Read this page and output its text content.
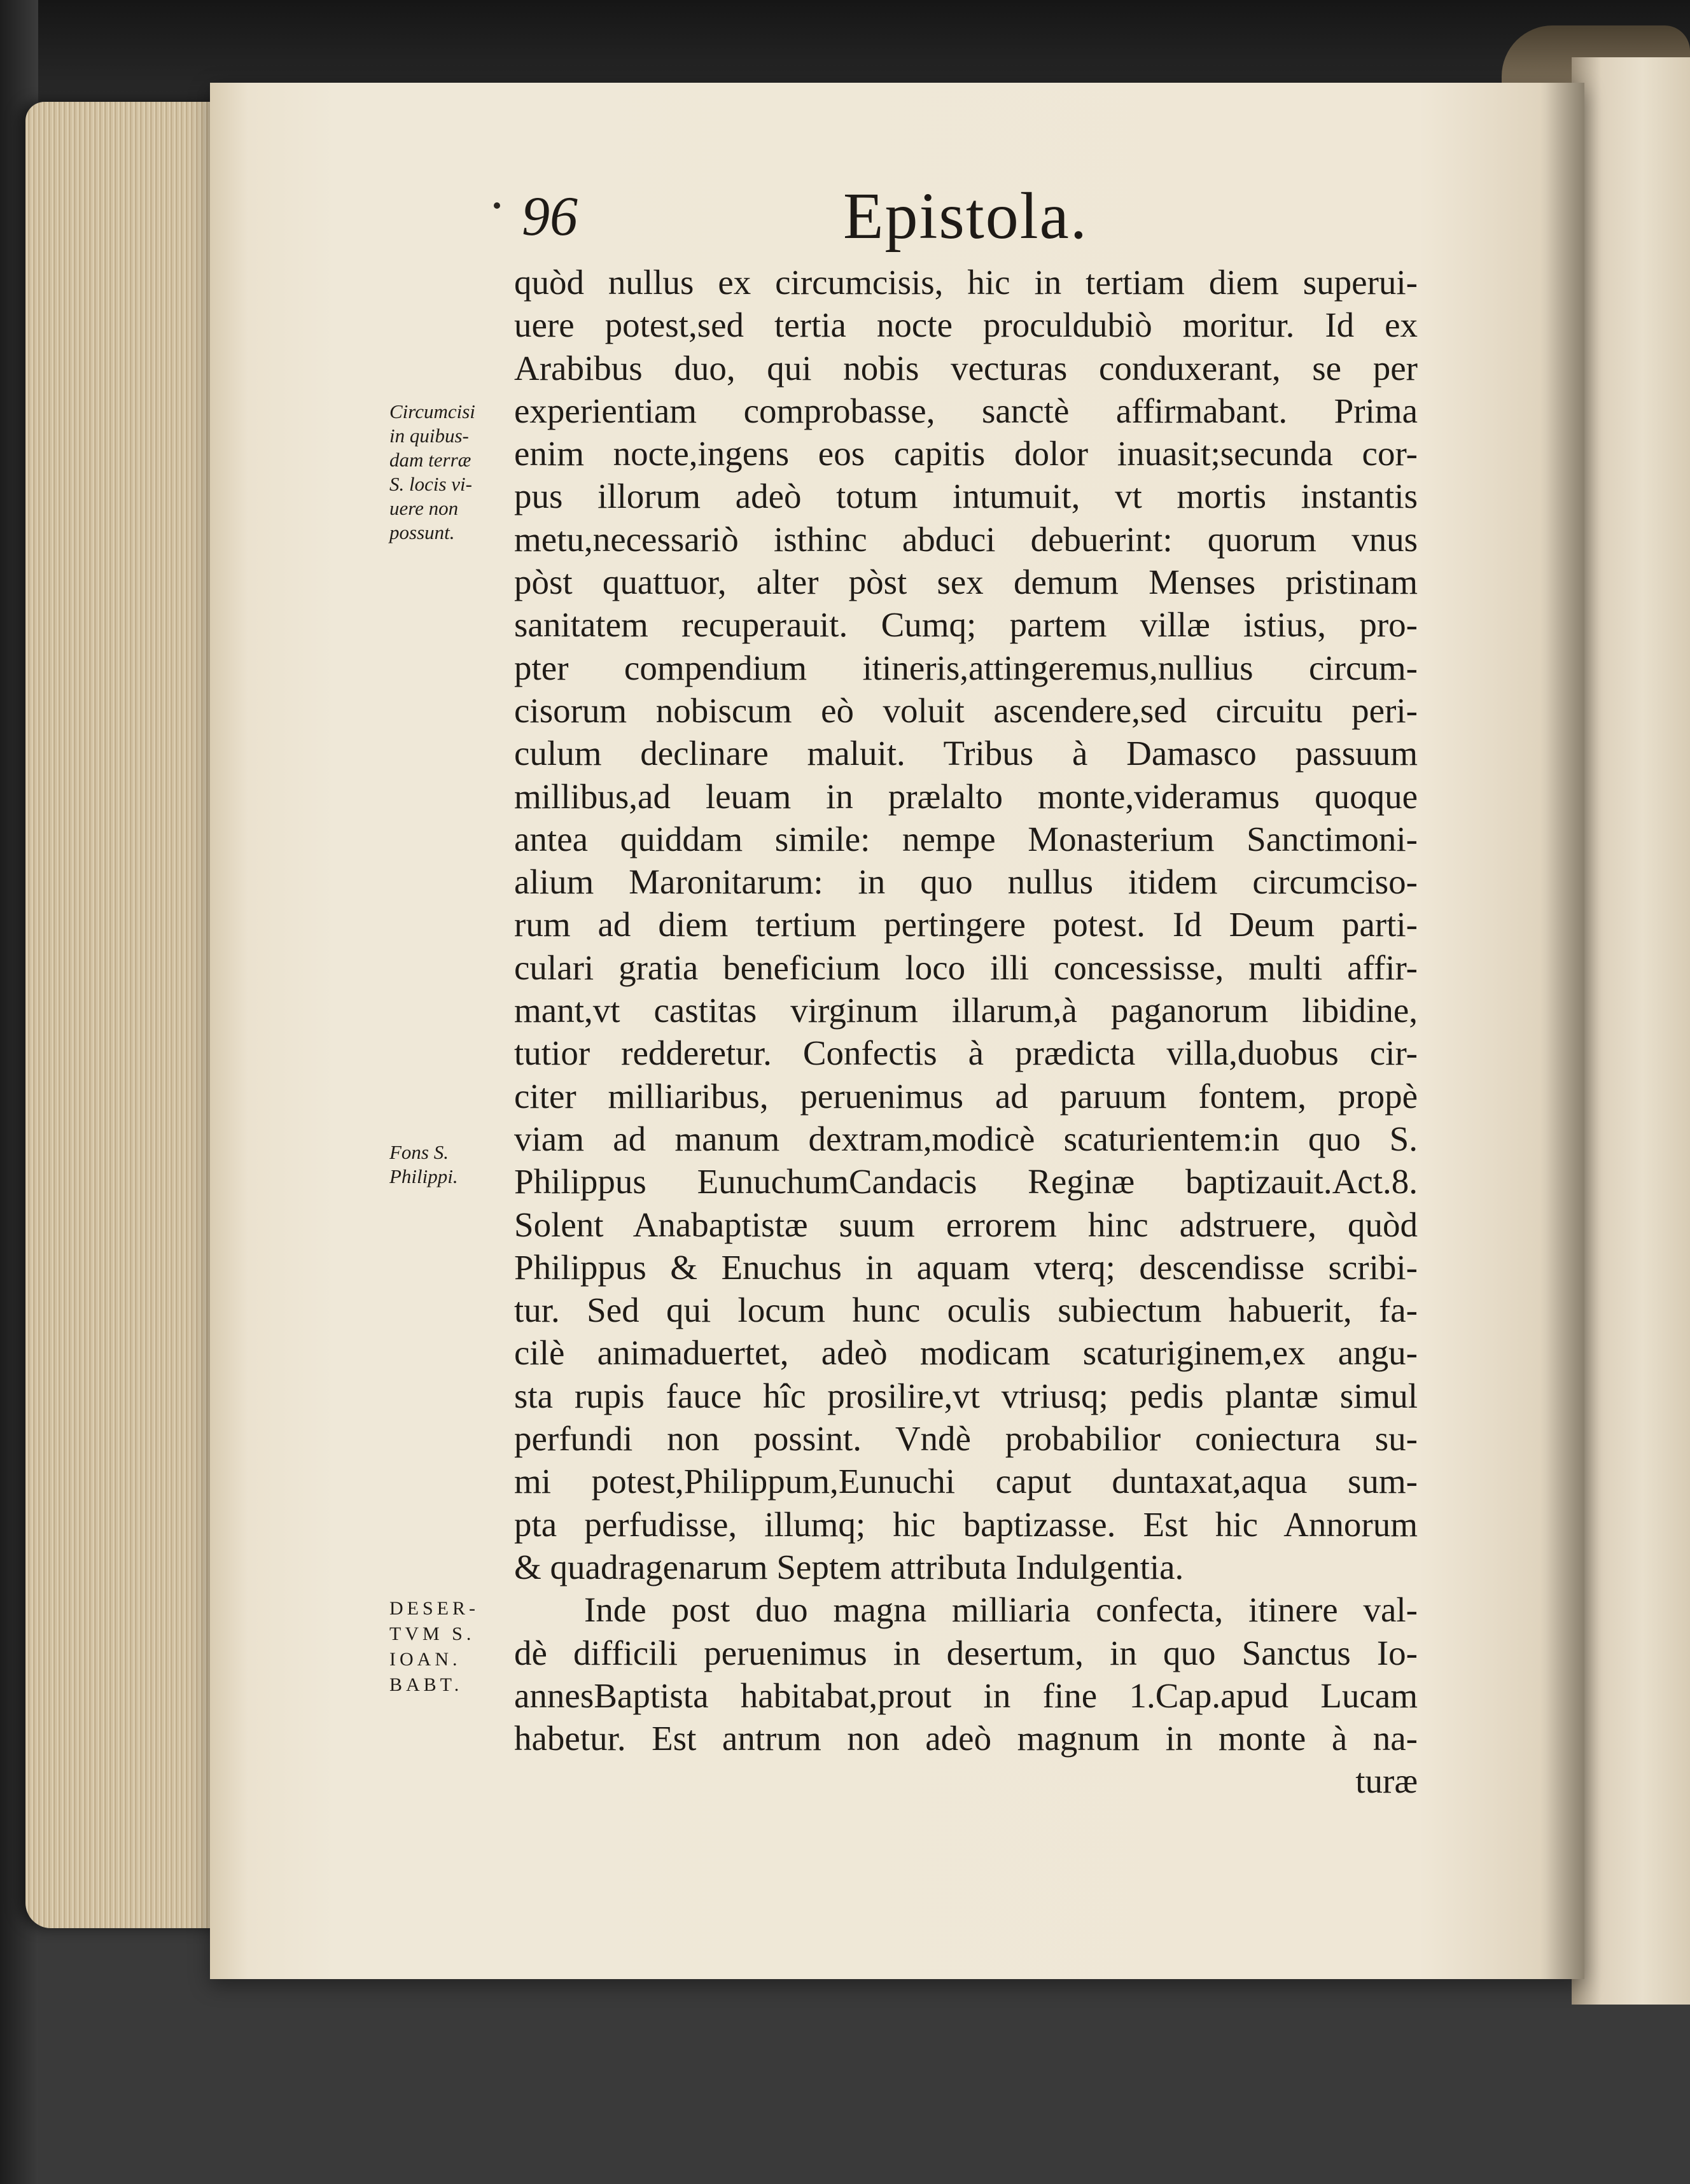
96	Epistola.
Circumcisi
in quibus-
dam terræ
S. locis vi-
uere non
possunt.
Fons S.
Philippi.
DESER-
TVM S.
IOAN.
BABT.
quòd nullus ex circumcisis, hic in tertiam diem superui-
uere potest,sed tertia nocte proculdubiò moritur. Id ex
Arabibus duo, qui nobis vecturas conduxerant, se per
experientiam comprobasse, sanctè affirmabant. Prima
enim nocte,ingens eos capitis dolor inuasit;secunda cor-
pus illorum adeò totum intumuit, vt mortis instantis
metu,necessariò isthinc abduci debuerint: quorum vnus
pòst quattuor, alter pòst sex demum Menses pristinam
sanitatem recuperauit. Cumq; partem villæ istius, pro-
pter compendium itineris,attingeremus,nullius circum-
cisorum nobiscum eò voluit ascendere,sed circuitu peri-
culum declinare maluit. Tribus à Damasco passuum
millibus,ad leuam in prælalto monte,videramus quoque
antea quiddam simile: nempe Monasterium Sanctimoni-
alium Maronitarum: in quo nullus itidem circumciso-
rum ad diem tertium pertingere potest. Id Deum parti-
culari gratia beneficium loco illi concessisse, multi affir-
mant,vt castitas virginum illarum,à paganorum libidine,
tutior redderetur. Confectis à prædicta villa,duobus cir-
citer milliaribus, peruenimus ad paruum fontem, propè
viam ad manum dextram,modicè scaturientem:in quo S.
Philippus EunuchumCandacis Reginæ baptizauit.Act.8.
Solent Anabaptistæ suum errorem hinc adstruere, quòd
Philippus & Enuchus in aquam vterq; descendisse scribi-
tur. Sed qui locum hunc oculis subiectum habuerit, fa-
cilè animaduertet, adeò modicam scaturiginem,ex angu-
sta rupis fauce hîc prosilire,vt vtriusq; pedis plantæ simul
perfundi non possint. Vndè probabilior coniectura su-
mi potest,Philippum,Eunuchi caput duntaxat,aqua sum-
pta perfudisse, illumq; hic baptizasse. Est hic Annorum
& quadragenarum Septem attributa Indulgentia.
Inde post duo magna milliaria confecta, itinere val-
dè difficili peruenimus in desertum, in quo Sanctus Io-
annesBaptista habitabat,prout in fine 1.Cap.apud Lucam
habetur. Est antrum non adeò magnum in monte à na-
turæ
